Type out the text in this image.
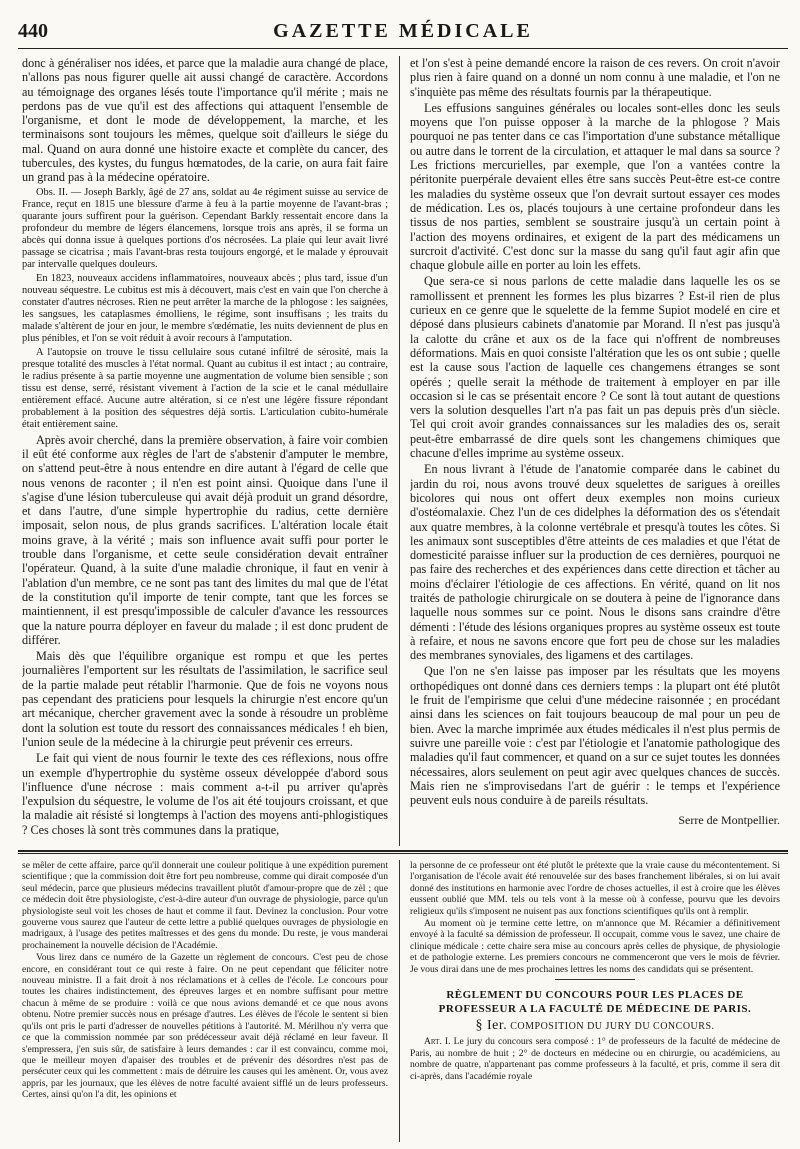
440	GAZETTE MÉDICALE

donc à généraliser nos idées, et parce que la maladie aura changé de place, n'allons pas nous figurer quelle ait aussi changé de caractère. Accordons au témoignage des organes lésés toute l'importance qu'il mérite ; mais ne perdons pas de vue qu'il est des affections qui attaquent l'ensemble de l'organisme, et dont le mode de développement, la marche, et les terminaisons sont toujours les mêmes, quelque soit d'ailleurs le siége du mal. Quand on aura donné une histoire exacte et complète du cancer, des tubercules, des kystes, du fungus hœmatodes, de la carie, on aura fait faire un grand pas à la médecine opératoire.

Obs. II. — Joseph Barkly, âgé de 27 ans, soldat au 4e régiment suisse au service de France, reçut en 1815 une blessure d'arme à feu à la partie moyenne de l'avant-bras ; quarante jours suffirent pour la guérison. Cependant Barkly ressentait encore dans la profondeur du membre de légers élancemens, lorsque trois ans après, il se forma un abcès qui donna issue à quelques portions d'os nécrosées. La plaie qui leur avait livré passage se cicatrisa ; mais l'avant-bras resta toujours engorgé, et le malade y éprouvait par intervalle quelques douleurs.

En 1823, nouveaux accidens inflammatoires, nouveaux abcès ; plus tard, issue d'un nouveau séquestre. Le cubitus est mis à découvert, mais c'est en vain que l'on cherche à constater d'autres nécroses. Rien ne peut arrêter la marche de la phlogose : les saignées, les sangsues, les cataplasmes émolliens, le régime, sont insuffisans ; les traits du malade s'altèrent de jour en jour, le membre s'œdématie, les nuits deviennent de plus en plus pénibles, et l'on se voit réduit à avoir recours à l'amputation.

A l'autopsie on trouve le tissu cellulaire sous cutané infiltré de sérosité, mais la presque totalité des muscles à l'état normal. Quant au cubitus il est intact ; au contraire, le radius présente à sa partie moyenne une augmentation de volume bien sensible ; son tissu est dense, serré, résistant vivement à l'action de la scie et le canal médullaire entièrement effacé. Aucune autre altération, si ce n'est une légère fissure répondant probablement à la position des séquestres déjà sortis. L'articulation cubito-humérale était entièrement saine.

Après avoir cherché, dans la première observation, à faire voir combien il eût été conforme aux règles de l'art de s'abstenir d'amputer le membre, on s'attend peut-être à nous entendre en dire autant à l'égard de celle que nous venons de raconter ; il n'en est point ainsi. Quoique dans l'une il s'agise d'une lésion tuberculeuse qui avait déjà produit un grand désordre, et dans l'autre, d'une simple hypertrophie du radius, cette dernière imposait, selon nous, de plus grands sacrifices. L'altération locale était moins grave, à la vérité ; mais son influence avait suffi pour porter le trouble dans l'organisme, et cette seule considération devait entraîner l'opérateur. Quand, à la suite d'une maladie chronique, il faut en venir à l'ablation d'un membre, ce ne sont pas tant des limites du mal que de l'état de la constitution qu'il importe de tenir compte, tant que les forces se maintiennent, il est presqu'impossible de calculer d'avance les ressources que la nature pourra déployer en faveur du malade ; il est donc prudent de différer.

Mais dès que l'équilibre organique est rompu et que les pertes journalières l'emportent sur les résultats de l'assimilation, le sacrifice seul de la partie malade peut rétablir l'harmonie. Que de fois ne voyons nous pas cependant des praticiens pour lesquels la chirurgie n'est encore qu'un art mécanique, chercher gravement avec la sonde à résoudre un problème dont la solution est toute du ressort des connaissances médicales ! eh bien, l'union seule de la médecine à la chirurgie peut prévenir ces erreurs.

Le fait qui vient de nous fournir le texte des ces réflexions, nous offre un exemple d'hypertrophie du système osseux développée d'abord sous l'influence d'une nécrose : mais comment a-t-il pu arriver qu'après l'expulsion du séquestre, le volume de l'os ait été toujours croissant, et que la maladie ait résisté si longtemps à l'action des moyens anti-phlogistiques ? Ces choses là sont très communes dans la pratique,

et l'on s'est à peine demandé encore la raison de ces revers. On croit n'avoir plus rien à faire quand on a donné un nom connu à une maladie, et l'on ne s'inquiète pas même des résultats fournis par la thérapeutique.

Les effusions sanguines générales ou locales sont-elles donc les seuls moyens que l'on puisse opposer à la marche de la phlogose ? Mais pourquoi ne pas tenter dans ce cas l'importation d'une substance métallique ou autre dans le torrent de la circulation, et attaquer le mal dans sa source ? Les frictions mercurielles, par exemple, que l'on a vantées contre la péritonite puerpérale devaient elles être sans succès Peut-être est-ce contre les maladies du système osseux que l'on devrait surtout essayer ces modes de médication. Les os, placés toujours à une certaine profondeur dans les tissus de nos parties, semblent se soustraire jusqu'à un certain point à l'action des moyens ordinaires, et exigent de la part des médicamens un surcroit d'activité. C'est donc sur la masse du sang qu'il faut agir afin que chaque globule aille en porter au loin les effets.

Que sera-ce si nous parlons de cette maladie dans laquelle les os se ramollissent et prennent les formes les plus bizarres ? Est-il rien de plus curieux en ce genre que le squelette de la femme Supiot modelé en cire et déposé dans plusieurs cabinets d'anatomie par Morand. Il n'est pas jusqu'à la calotte du crâne et aux os de la face qui n'offrent de nombreuses déformations. Mais en quoi consiste l'altération que les os ont subie ; quelle est la cause sous l'action de laquelle ces changemens étranges se sont opérés ; quelle serait la méthode de traitement à employer en par ille occasion si le cas se présentait encore ? Ce sont là tout autant de questions vers la solution desquelles l'art n'a pas fait un pas depuis près d'un siècle. Tel qui croit avoir grandes connaissances sur les maladies des os, serait peut-être embarrassé de dire quels sont les changemens chimiques que chacune d'elles imprime au système osseux.

En nous livrant à l'étude de l'anatomie comparée dans le cabinet du jardin du roi, nous avons trouvé deux squelettes de sarigues à oreilles bicolores qui nous ont offert deux exemples non moins curieux d'ostéomalaxie. Chez l'un de ces didelphes la déformation des os s'étendait aux quatre membres, à la colonne vertébrale et presqu'à toutes les côtes. Si les animaux sont susceptibles d'être atteints de ces maladies et que l'état de domesticité paraisse influer sur la production de ces dernières, pourquoi ne pas faire des recherches et des expériences dans cette direction et tâcher au moins d'éclairer l'étiologie de ces affections. En vérité, quand on lit nos traités de pathologie chirurgicale on se doutera à peine de l'ignorance dans laquelle nous sommes sur ce point. Nous le disons sans craindre d'être démenti : l'étude des lésions organiques propres au système osseux est toute à refaire, et nous ne savons encore que fort peu de chose sur les maladies des membranes synoviales, des ligamens et des cartilages.

Que l'on ne s'en laisse pas imposer par les résultats que les moyens orthopédiques ont donné dans ces derniers temps : la plupart ont été plutôt le fruit de l'empirisme que celui d'une médecine raisonnée ; en procédant ainsi dans les sciences on fait toujours beaucoup de mal pour un peu de bien. Avec la marche imprimée aux études médicales il n'est plus permis de suivre une pareille voie : c'est par l'étiologie et l'anatomie pathologique des maladies qu'il faut commencer, et quand on a sur ce sujet toutes les données nécessaires, alors seulement on peut agir avec quelques chances de succès. Mais rien ne s'improvisedans l'art de guérir : le temps et l'expérience peuvent euls nous conduire à de pareils résultats.

Serre de Montpellier.

se mêler de cette affaire, parce qu'il donnerait une couleur politique à une expédition purement scientifique ; que la commission doit être fort peu nombreuse, comme qui dirait composée d'un seul médecin, parce que plusieurs médecins travaillent plutôt d'amour-propre que de zèl ; que ce médecin doit être physiologiste, c'est-à-dire auteur d'un ouvrage de physiologie, parce qu'un physiologiste seul voit les choses de haut et comme il faut. Devinez la conclusion. Pour votre gouverne vous saurez que l'auteur de cette lettre a publié quelques ouvrages de physiologie en madrigaux, à l'usage des petites maîtresses et des gens du monde. Du reste, je vous manderai prochainement la nouvelle décision de l'Académie.

Vous lirez dans ce numéro de la Gazette un règlement de concours. C'est peu de chose encore, en considérant tout ce qui reste à faire. On ne peut cependant que féliciter notre nouveau ministre. Il a fait droit à nos réclamations et à celles de l'école. Le concours pour toutes les chaires indistinctement, des épreuves larges et en nombre suffisant pour mettre chacun à même de se produire : voilà ce que nous avions demandé et ce que nous avons obtenu. Notre premier succès nous en présage d'autres. Les élèves de l'école le sentent si bien qu'ils ont pris le parti d'adresser de nouvelles pétitions à l'autorité. M. Mérilhou n'y verra que ce que la commission nommée par son prédécesseur avait déjà réclamé en leur faveur. Il s'empressera, j'en suis sûr, de satisfaire à leurs demandes : car il est convaincu, comme moi, que le meilleur moyen d'apaiser des troubles et de prévenir des désordres n'est pas de persécuter ceux qui les commettent : mais de détruire les causes qui les amènent. Or, vous avez appris, par les journaux, que les élèves de notre faculté avaient sifflé un de leurs professeurs. Certes, ainsi qu'on l'a dit, les opinions et

la personne de ce professeur ont été plutôt le prétexte que la vraie cause du mécontentement. Si l'organisation de l'école avait été renouvelée sur des bases franchement libérales, si on lui avait donné des institutions en harmonie avec l'ordre de choses actuelles, il est à croire que les élèves eussent oublié que MM. tels ou tels vont à la messe où à confesse, pourvu que les devoirs religieux qu'ils s'imposent ne nuisent pas aux fonctions scientifiques qu'ils ont à remplir.

Au moment où je termine cette lettre, on m'annonce que M. Récamier a définitivement envoyé à la faculté sa démission de professeur. Il occupait, comme vous le savez, une chaire de clinique médicale : cette chaire sera mise au concours après celles de physique, de physiologie et de pathologie externe. Les premiers concours ne commenceront que vers le mois de février. Je vous dirai dans une de mes prochaines lettres les noms des candidats qui se présentent.

RÈGLEMENT DU CONCOURS POUR LES PLACES DE PROFESSEUR A LA FACULTÉ DE MÉDECINE DE PARIS.
§ Ier. COMPOSITION DU JURY DU CONCOURS.

Art. I. Le jury du concours sera composé : 1° de professeurs de la faculté de médecine de Paris, au nombre de huit ; 2° de docteurs en médecine ou en chirurgie, ou académiciens, au nombre de quatre, n'appartenant pas comme professeurs à la faculté, et pris, comme il sera dit ci-après, dans l'académie royale
